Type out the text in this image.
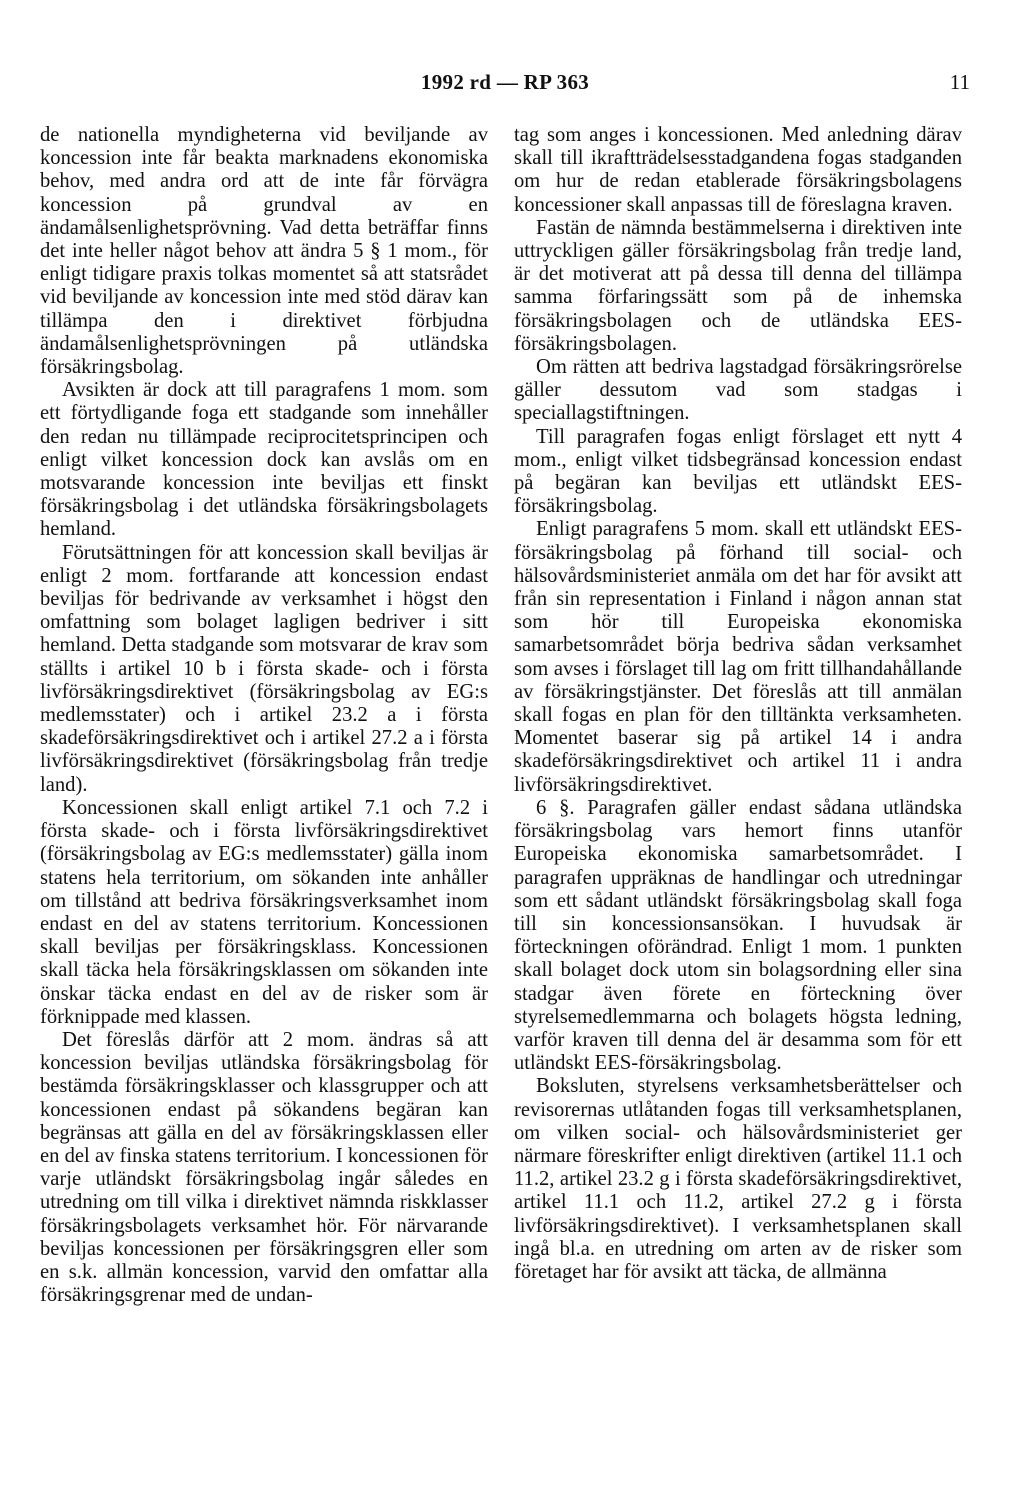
1992 rd — RP 363	11

de nationella myndigheterna vid beviljande av koncession inte får beakta marknadens ekonomiska behov, med andra ord att de inte får förvägra koncession på grundval av en ändamålsenlighetsprövning. Vad detta beträffar finns det inte heller något behov att ändra 5 § 1 mom., för enligt tidigare praxis tolkas momentet så att statsrådet vid beviljande av koncession inte med stöd därav kan tillämpa den i direktivet förbjudna ändamålsenlighetsprövningen på utländska försäkringsbolag.

Avsikten är dock att till paragrafens 1 mom. som ett förtydligande foga ett stadgande som innehåller den redan nu tillämpade reciprocitetsprincipen och enligt vilket koncession dock kan avslås om en motsvarande koncession inte beviljas ett finskt försäkringsbolag i det utländska försäkringsbolagets hemland.

Förutsättningen för att koncession skall beviljas är enligt 2 mom. fortfarande att koncession endast beviljas för bedrivande av verksamhet i högst den omfattning som bolaget lagligen bedriver i sitt hemland. Detta stadgande som motsvarar de krav som ställts i artikel 10 b i första skade- och i första livförsäkringsdirektivet (försäkringsbolag av EG:s medlemsstater) och i artikel 23.2 a i första skadeförsäkringsdirektivet och i artikel 27.2 a i första livförsäkringsdirektivet (försäkringsbolag från tredje land).

Koncessionen skall enligt artikel 7.1 och 7.2 i första skade- och i första livförsäkringsdirektivet (försäkringsbolag av EG:s medlemsstater) gälla inom statens hela territorium, om sökanden inte anhåller om tillstånd att bedriva försäkringsverksamhet inom endast en del av statens territorium. Koncessionen skall beviljas per försäkringsklass. Koncessionen skall täcka hela försäkringsklassen om sökanden inte önskar täcka endast en del av de risker som är förknippade med klassen.

Det föreslås därför att 2 mom. ändras så att koncession beviljas utländska försäkringsbolag för bestämda försäkringsklasser och klassgrupper och att koncessionen endast på sökandens begäran kan begränsas att gälla en del av försäkringsklassen eller en del av finska statens territorium. I koncessionen för varje utländskt försäkringsbolag ingår således en utredning om till vilka i direktivet nämnda riskklasser försäkringsbolagets verksamhet hör. För närvarande beviljas koncessionen per försäkringsgren eller som en s.k. allmän koncession, varvid den omfattar alla försäkringsgrenar med de undan-

tag som anges i koncessionen. Med anledning därav skall till ikraftträdelsesstadgandena fogas stadganden om hur de redan etablerade försäkringsbolagens koncessioner skall anpassas till de föreslagna kraven.

Fastän de nämnda bestämmelserna i direktiven inte uttryckligen gäller försäkringsbolag från tredje land, är det motiverat att på dessa till denna del tillämpa samma förfaringssätt som på de inhemska försäkringsbolagen och de utländska EES-försäkringsbolagen.

Om rätten att bedriva lagstadgad försäkringsrörelse gäller dessutom vad som stadgas i speciallagstiftningen.

Till paragrafen fogas enligt förslaget ett nytt 4 mom., enligt vilket tidsbegränsad koncession endast på begäran kan beviljas ett utländskt EES-försäkringsbolag.

Enligt paragrafens 5 mom. skall ett utländskt EES-försäkringsbolag på förhand till social- och hälsovårdsministeriet anmäla om det har för avsikt att från sin representation i Finland i någon annan stat som hör till Europeiska ekonomiska samarbetsområdet börja bedriva sådan verksamhet som avses i förslaget till lag om fritt tillhandahållande av försäkringstjänster. Det föreslås att till anmälan skall fogas en plan för den tilltänkta verksamheten. Momentet baserar sig på artikel 14 i andra skadeförsäkringsdirektivet och artikel 11 i andra livförsäkringsdirektivet.

6 §. Paragrafen gäller endast sådana utländska försäkringsbolag vars hemort finns utanför Europeiska ekonomiska samarbetsområdet. I paragrafen uppräknas de handlingar och utredningar som ett sådant utländskt försäkringsbolag skall foga till sin koncessionsansökan. I huvudsak är förteckningen oförändrad. Enligt 1 mom. 1 punkten skall bolaget dock utom sin bolagsordning eller sina stadgar även förete en förteckning över styrelsemedlemmarna och bolagets högsta ledning, varför kraven till denna del är desamma som för ett utländskt EES-försäkringsbolag.

Boksluten, styrelsens verksamhetsberättelser och revisorernas utlåtanden fogas till verksamhetsplanen, om vilken social- och hälsovårdsministeriet ger närmare föreskrifter enligt direktiven (artikel 11.1 och 11.2, artikel 23.2 g i första skadeförsäkringsdirektivet, artikel 11.1 och 11.2, artikel 27.2 g i första livförsäkringsdirektivet). I verksamhetsplanen skall ingå bl.a. en utredning om arten av de risker som företaget har för avsikt att täcka, de allmänna
